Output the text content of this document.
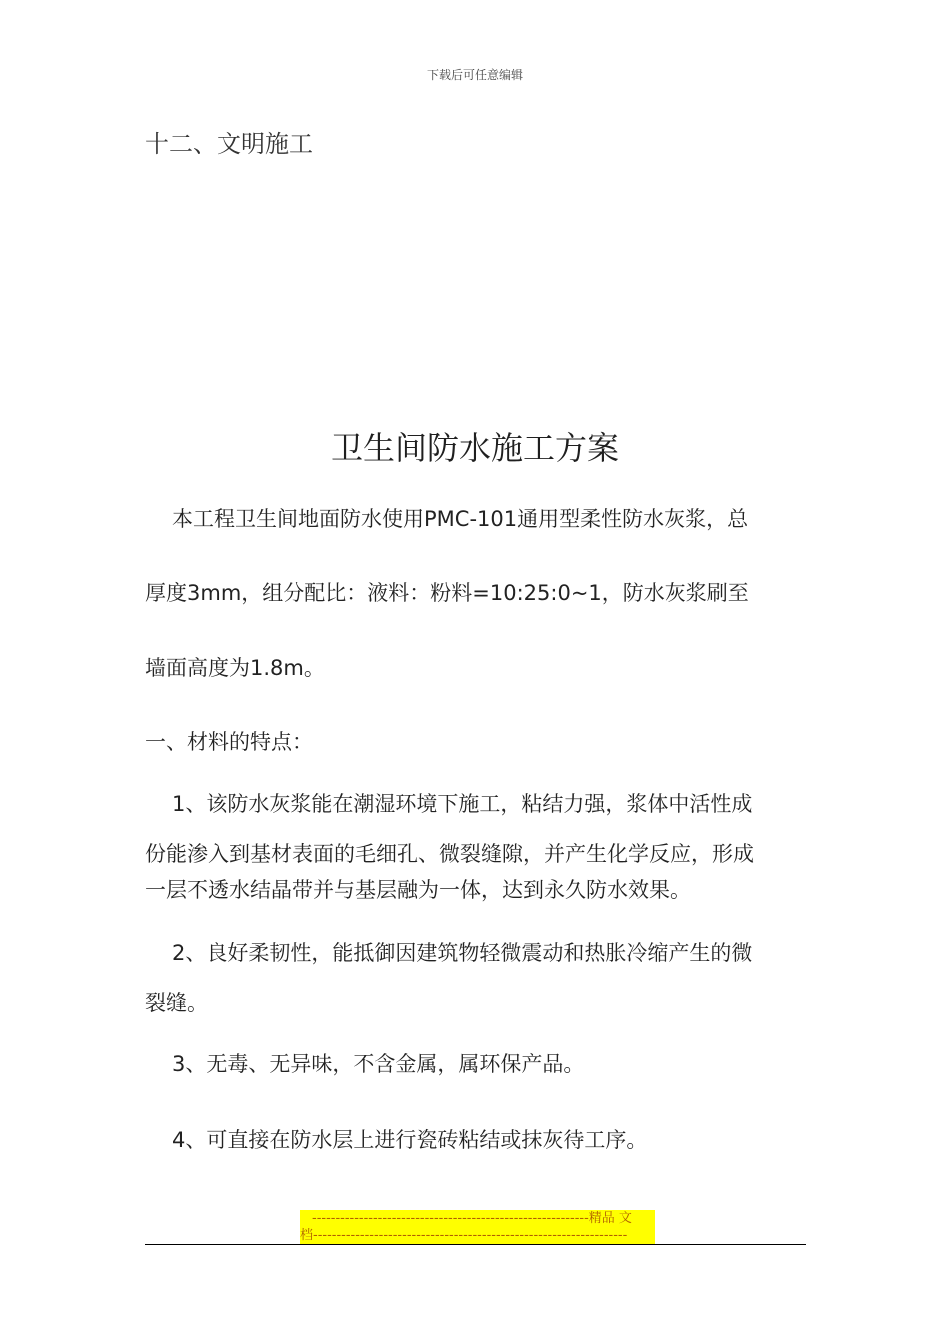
下载后可任意编辑
十二、文明施工
卫生间防水施工方案
本工程卫生间地面防水使用PMC-101通用型柔性防水灰浆，总
厚度3mm，组分配比：液料：粉料=10:25:0~1，防水灰浆刷至
墙面高度为1.8m。
一、材料的特点：
1、该防水灰浆能在潮湿环境下施工，粘结力强，浆体中活性成
份能渗入到基材表面的毛细孔、微裂缝隙，并产生化学反应，形成
一层不透水结晶带并与基层融为一体，达到永久防水效果。
2、良好柔韧性，能抵御因建筑物轻微震动和热胀冷缩产生的微
裂缝。
3、无毒、无异味，不含金属，属环保产品。
4、可直接在防水层上进行瓷砖粘结或抹灰待工序。
-----------------------------------------------------------精品 文
档-------------------------------------------------------------------
